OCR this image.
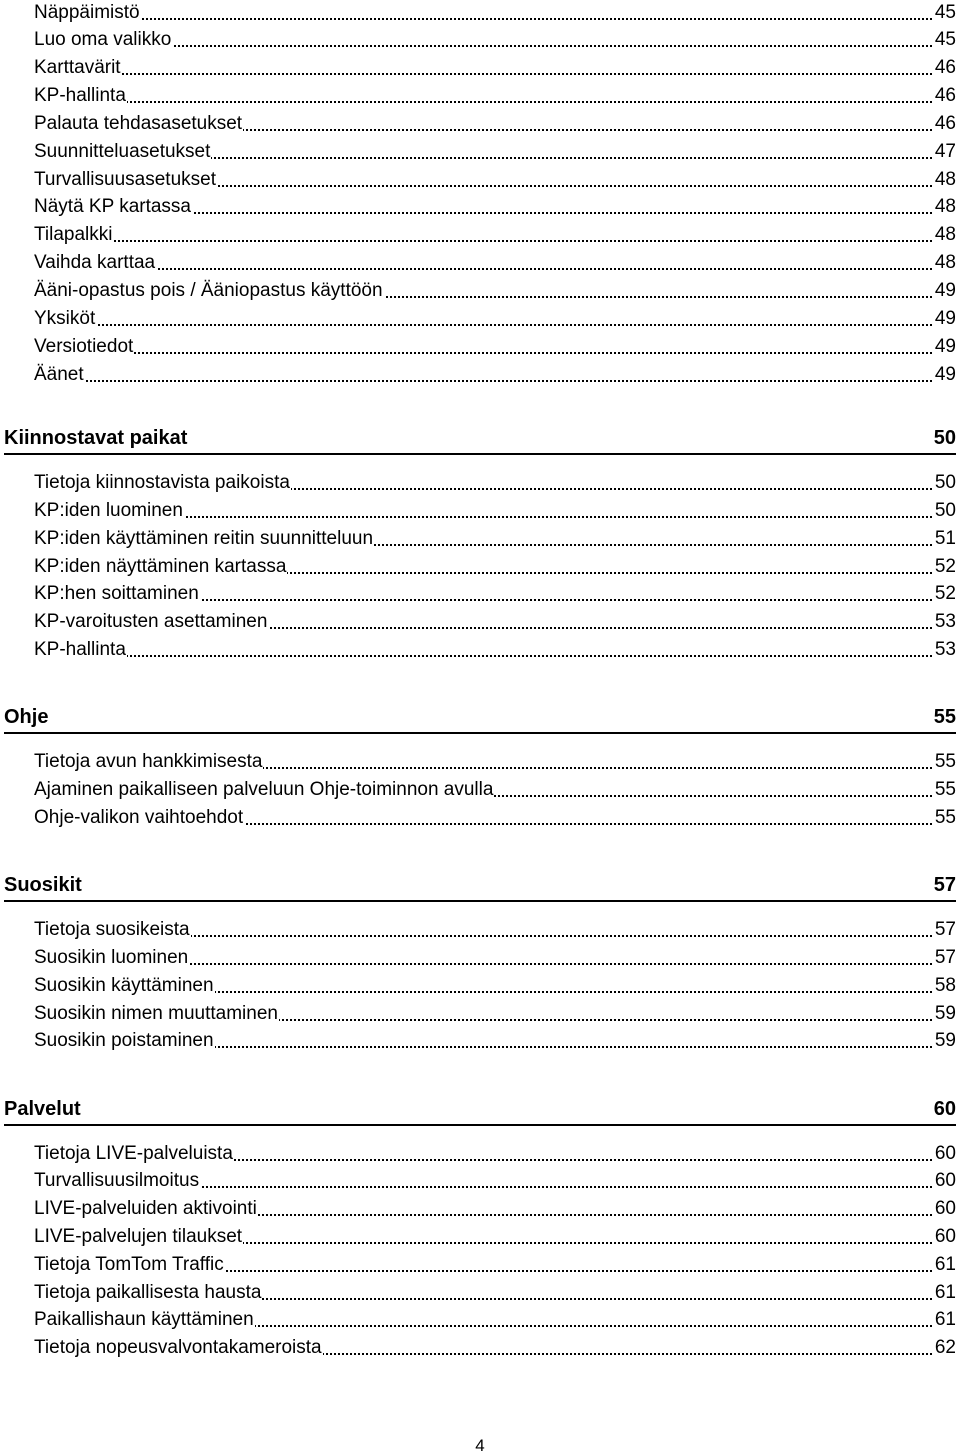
Näppäimistö	45
Luo oma valikko	45
Karttavärit	46
KP-hallinta	46
Palauta tehdasasetukset	46
Suunnitteluasetukset	47
Turvallisuusasetukset	48
Näytä KP kartassa	48
Tilapalkki	48
Vaihda karttaa	48
Ääni-opastus pois / Ääniopastus käyttöön	49
Yksiköt	49
Versiotiedot	49
Äänet	49
Kiinnostavat paikat	50
Tietoja kiinnostavista paikoista	50
KP:iden luominen	50
KP:iden käyttäminen reitin suunnitteluun	51
KP:iden näyttäminen kartassa	52
KP:hen soittaminen	52
KP-varoitusten asettaminen	53
KP-hallinta	53
Ohje	55
Tietoja avun hankkimisesta	55
Ajaminen paikalliseen palveluun Ohje-toiminnon avulla	55
Ohje-valikon vaihtoehdot	55
Suosikit	57
Tietoja suosikeista	57
Suosikin luominen	57
Suosikin käyttäminen	58
Suosikin nimen muuttaminen	59
Suosikin poistaminen	59
Palvelut	60
Tietoja LIVE-palveluista	60
Turvallisuusilmoitus	60
LIVE-palveluiden aktivointi	60
LIVE-palvelujen tilaukset	60
Tietoja TomTom Traffic	61
Tietoja paikallisesta hausta	61
Paikallishaun käyttäminen	61
Tietoja nopeusvalvontakameroista	62
4
